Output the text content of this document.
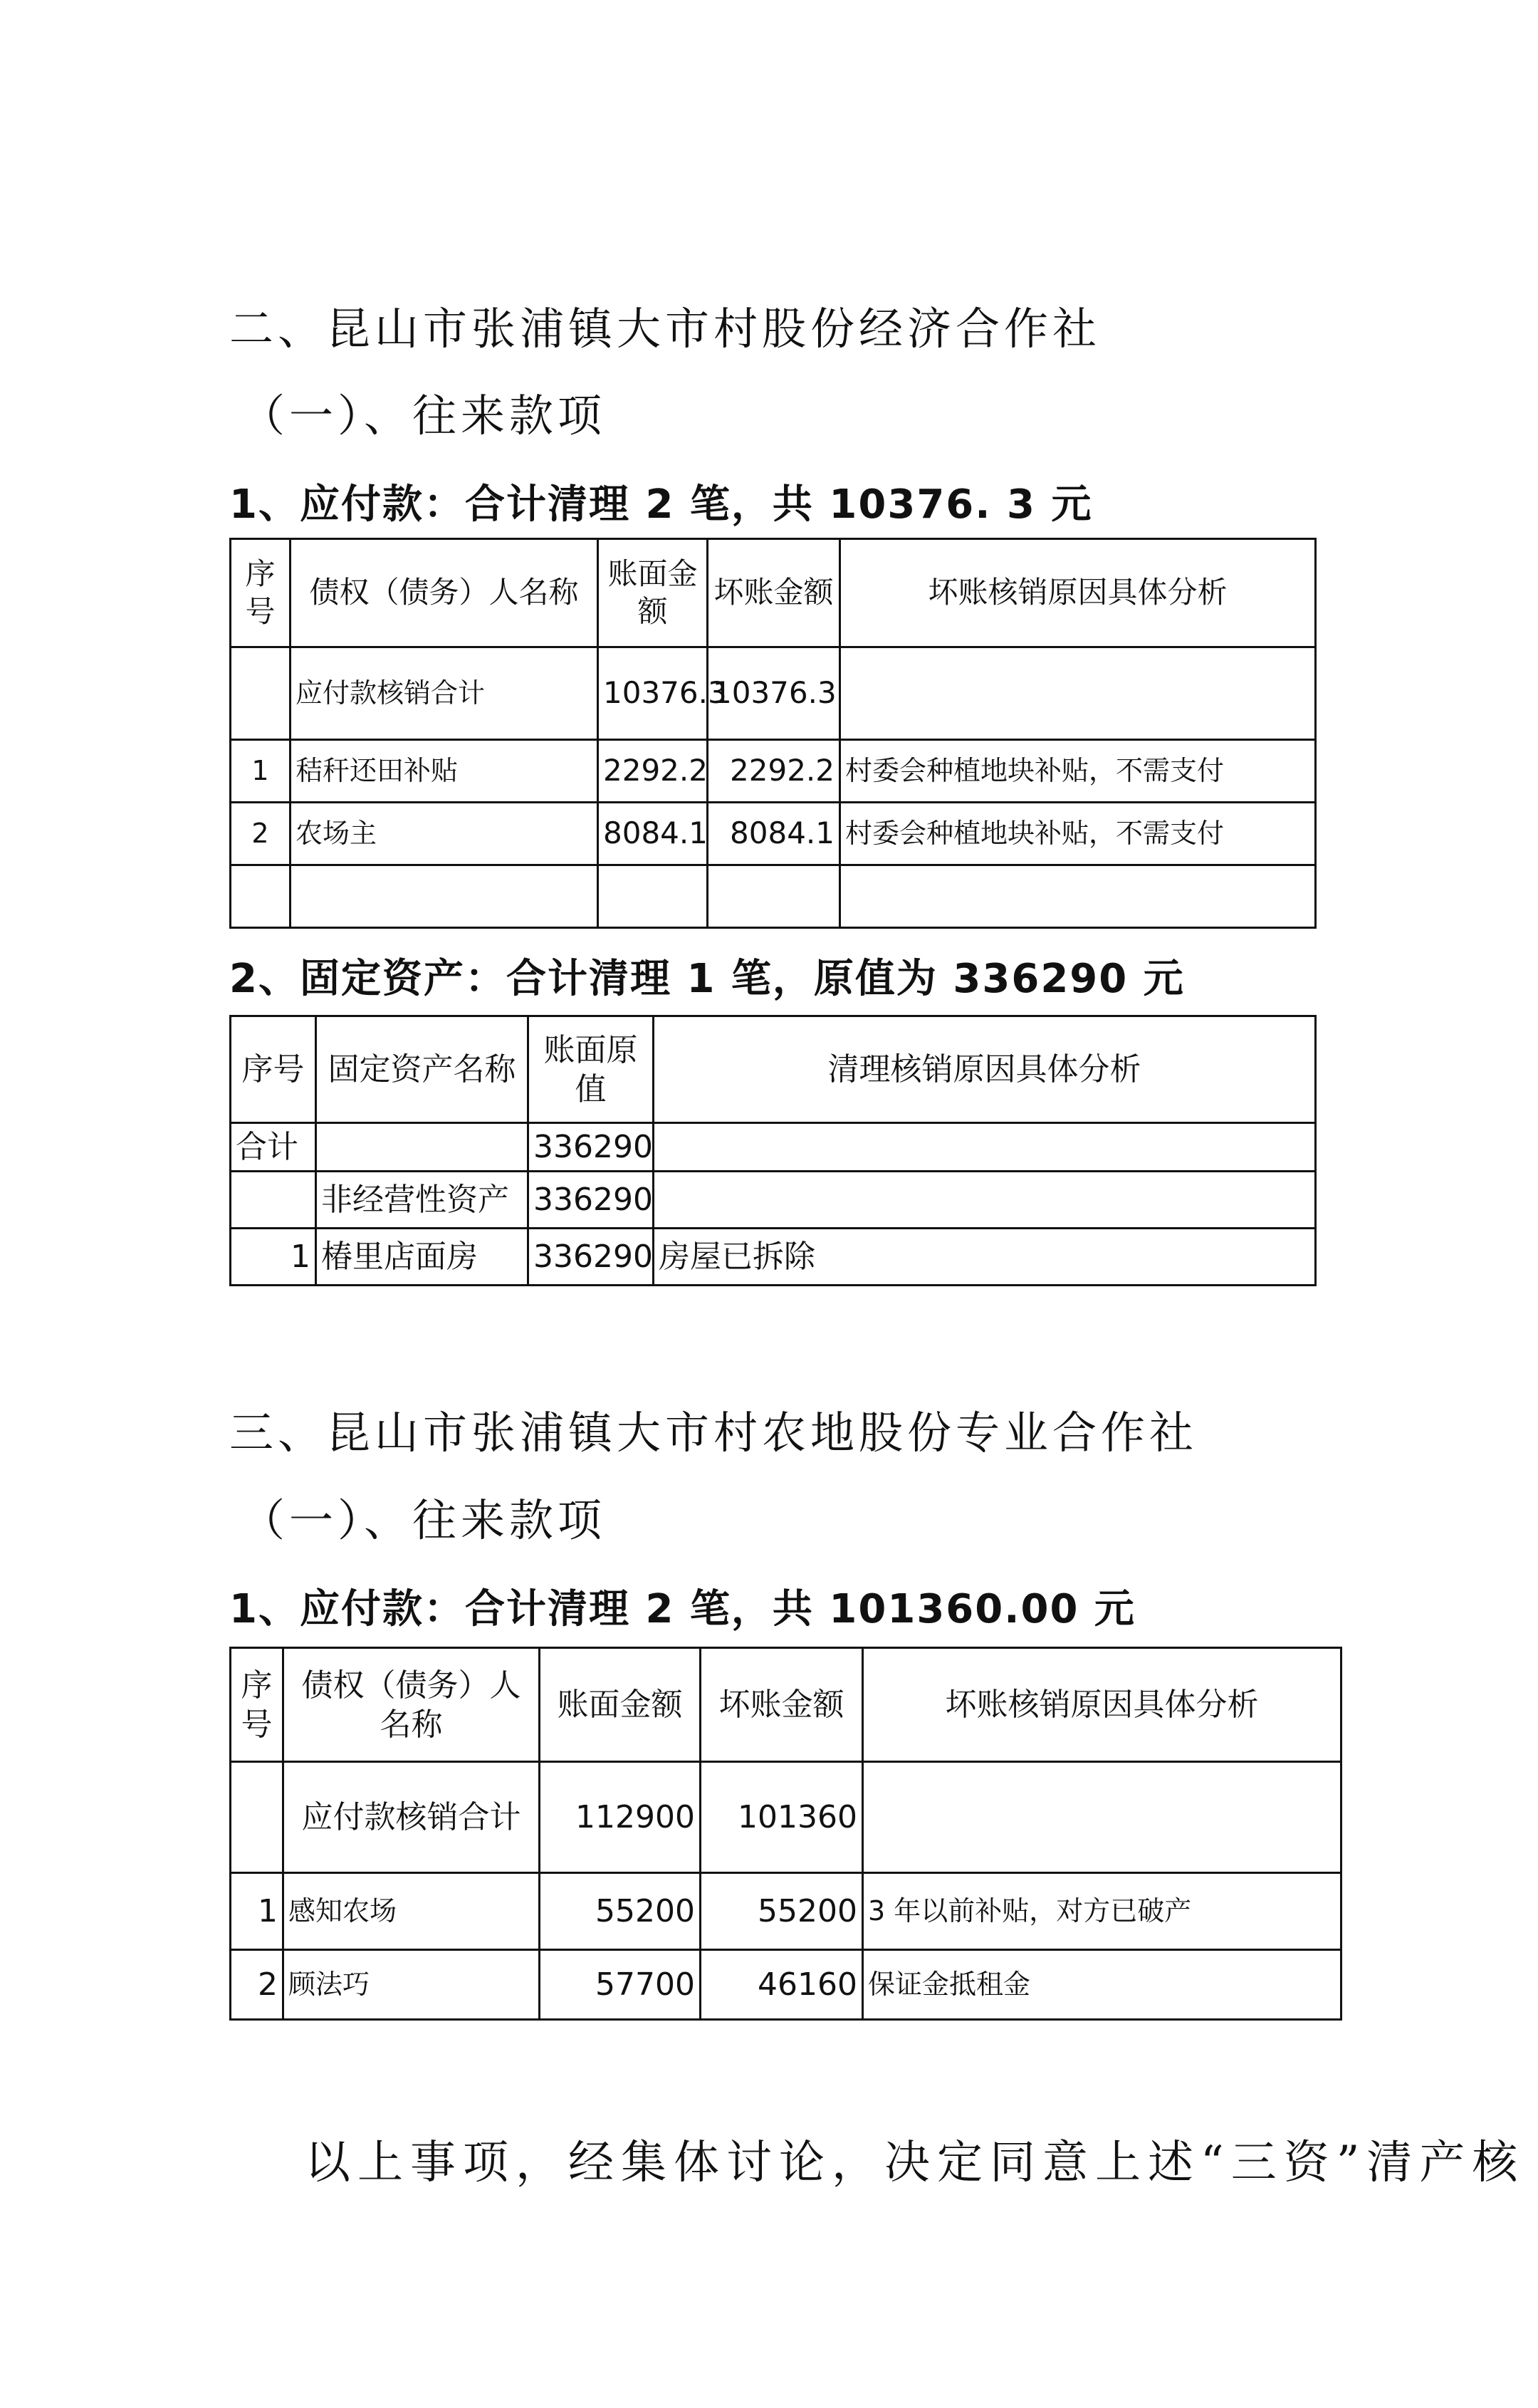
二、昆山市张浦镇大市村股份经济合作社
（一）、往来款项
1、应付款：合计清理 2 笔，共 10376. 3 元
序号	债权（债务）人名称	账面金额	坏账金额	坏账核销原因具体分析
	应付款核销合计	10376.3	10376.3	
1	秸秆还田补贴	2292.2	2292.2	村委会种植地块补贴，不需支付
2	农场主	8084.1	8084.1	村委会种植地块补贴，不需支付

2、固定资产：合计清理 1 笔，原值为 336290 元
序号	固定资产名称	账面原值	清理核销原因具体分析
合计		336290	
	非经营性资产	336290	
1	椿里店面房	336290	房屋已拆除
三、昆山市张浦镇大市村农地股份专业合作社
（一）、往来款项
1、应付款：合计清理 2 笔，共 101360.00 元
序号	债权（债务）人名称	账面金额	坏账金额	坏账核销原因具体分析
	应付款核销合计	112900	101360	
1	感知农场	55200	55200	3 年以前补贴，对方已破产
2	顾法巧	57700	46160	保证金抵租金
以上事项，经集体讨论，决定同意上述“三资”清产核
